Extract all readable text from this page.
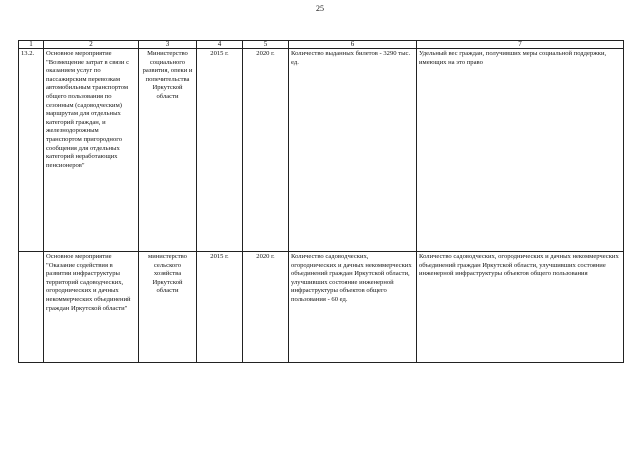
25
1	2	3	4	5	6	7
13.2.	Основное мероприятие "Возмещение затрат в связи с оказанием услуг по пассажирским перевозкам автомобильным транспортом общего пользования по сезонным (садоводческим) маршрутам для отдельных категорий граждан, и железнодорожным транспортом пригородного сообщения для отдельных категорий неработающих пенсионеров"	Министерство социального развития, опеки и попечительства Иркутской области	2015 г.	2020 г.	Количество выданных билетов - 3290 тыс. ед.	Удельный вес граждан, получивших меры социальной поддержки, имеющих на это право
	Основное мероприятие "Оказание содействия в развитии инфраструктуры территорий садоводческих, огороднических и дачных некоммерческих объединений граждан Иркутской области"	министерство сельского хозяйства Иркутской области	2015 г.	2020 г.	Количество садоводческих, огороднических и дачных некоммерческих объединений граждан Иркутской области, улучшивших состояние инженерной инфраструктуры объектов общего пользования - 60 ед.	Количество садоводческих, огороднических и дачных некоммерческих объединений граждан Иркутской области, улучшивших состояние инженерной инфраструктуры объектов общего пользования
